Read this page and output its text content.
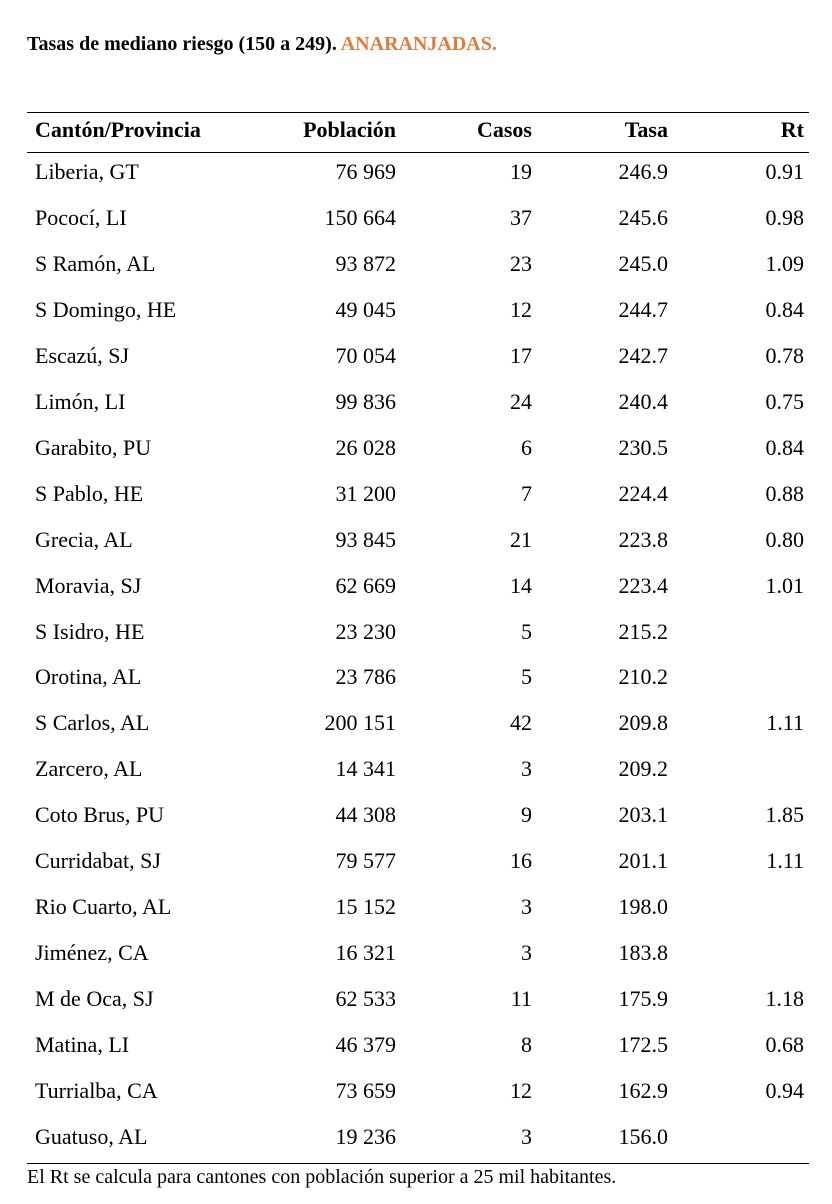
Tasas de mediano riesgo (150 a 249). ANARANJADAS.
Cantón/Provincia	Población	Casos	Tasa	Rt
Liberia, GT	76 969	19	246.9	0.91
Pococí, LI	150 664	37	245.6	0.98
S Ramón, AL	93 872	23	245.0	1.09
S Domingo, HE	49 045	12	244.7	0.84
Escazú, SJ	70 054	17	242.7	0.78
Limón, LI	99 836	24	240.4	0.75
Garabito, PU	26 028	6	230.5	0.84
S Pablo, HE	31 200	7	224.4	0.88
Grecia, AL	93 845	21	223.8	0.80
Moravia, SJ	62 669	14	223.4	1.01
S Isidro, HE	23 230	5	215.2
Orotina, AL	23 786	5	210.2
S Carlos, AL	200 151	42	209.8	1.11
Zarcero, AL	14 341	3	209.2
Coto Brus, PU	44 308	9	203.1	1.85
Curridabat, SJ	79 577	16	201.1	1.11
Rio Cuarto, AL	15 152	3	198.0
Jiménez, CA	16 321	3	183.8
M de Oca, SJ	62 533	11	175.9	1.18
Matina, LI	46 379	8	172.5	0.68
Turrialba, CA	73 659	12	162.9	0.94
Guatuso, AL	19 236	3	156.0
El Rt se calcula para cantones con población superior a 25 mil habitantes.
